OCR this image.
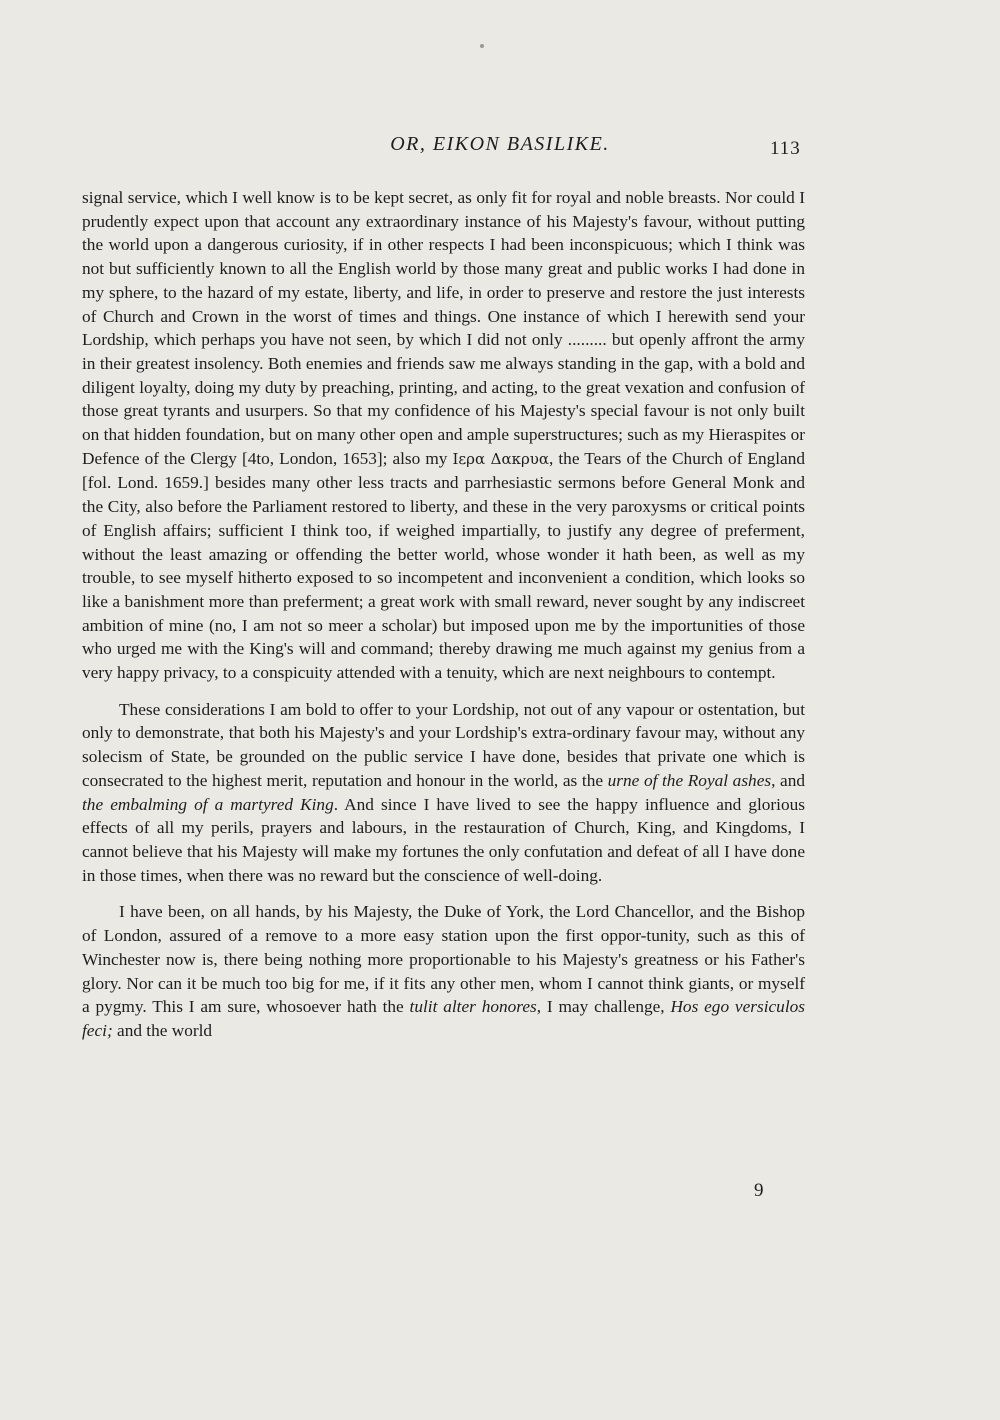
OR, EIKON BASILIKE.	113

signal service, which I well know is to be kept secret, as only fit for royal and noble breasts. Nor could I prudently expect upon that account any extraordinary instance of his Majesty's favour, without putting the world upon a dangerous curiosity, if in other respects I had been inconspicuous; which I think was not but sufficiently known to all the English world by those many great and public works I had done in my sphere, to the hazard of my estate, liberty, and life, in order to preserve and restore the just interests of Church and Crown in the worst of times and things. One instance of which I herewith send your Lordship, which perhaps you have not seen, by which I did not only ......... but openly affront the army in their greatest insolency. Both enemies and friends saw me always standing in the gap, with a bold and diligent loyalty, doing my duty by preaching, printing, and acting, to the great vexation and confusion of those great tyrants and usurpers. So that my confidence of his Majesty's special favour is not only built on that hidden foundation, but on many other open and ample superstructures; such as my Hieraspites or Defence of the Clergy [4to, London, 1653]; also my Ιερα Δακρυα, the Tears of the Church of England [fol. Lond. 1659.] besides many other less tracts and parrhesiastic sermons before General Monk and the City, also before the Parliament restored to liberty, and these in the very paroxysms or critical points of English affairs; sufficient I think too, if weighed impartially, to justify any degree of preferment, without the least amazing or offending the better world, whose wonder it hath been, as well as my trouble, to see myself hitherto exposed to so incompetent and inconvenient a condition, which looks so like a banishment more than preferment; a great work with small reward, never sought by any indiscreet ambition of mine (no, I am not so meer a scholar) but imposed upon me by the importunities of those who urged me with the King's will and command; thereby drawing me much against my genius from a very happy privacy, to a conspicuity attended with a tenuity, which are next neighbours to contempt.

These considerations I am bold to offer to your Lordship, not out of any vapour or ostentation, but only to demonstrate, that both his Majesty's and your Lordship's extra-ordinary favour may, without any solecism of State, be grounded on the public service I have done, besides that private one which is consecrated to the highest merit, reputation and honour in the world, as the urne of the Royal ashes, and the embalming of a martyred King. And since I have lived to see the happy influence and glorious effects of all my perils, prayers and labours, in the restauration of Church, King, and Kingdoms, I cannot believe that his Majesty will make my fortunes the only confutation and defeat of all I have done in those times, when there was no reward but the conscience of well-doing.

I have been, on all hands, by his Majesty, the Duke of York, the Lord Chancellor, and the Bishop of London, assured of a remove to a more easy station upon the first oppor-tunity, such as this of Winchester now is, there being nothing more proportionable to his Majesty's greatness or his Father's glory. Nor can it be much too big for me, if it fits any other men, whom I cannot think giants, or myself a pygmy. This I am sure, whosoever hath the tulit alter honores, I may challenge, Hos ego versiculos feci; and the world

9
